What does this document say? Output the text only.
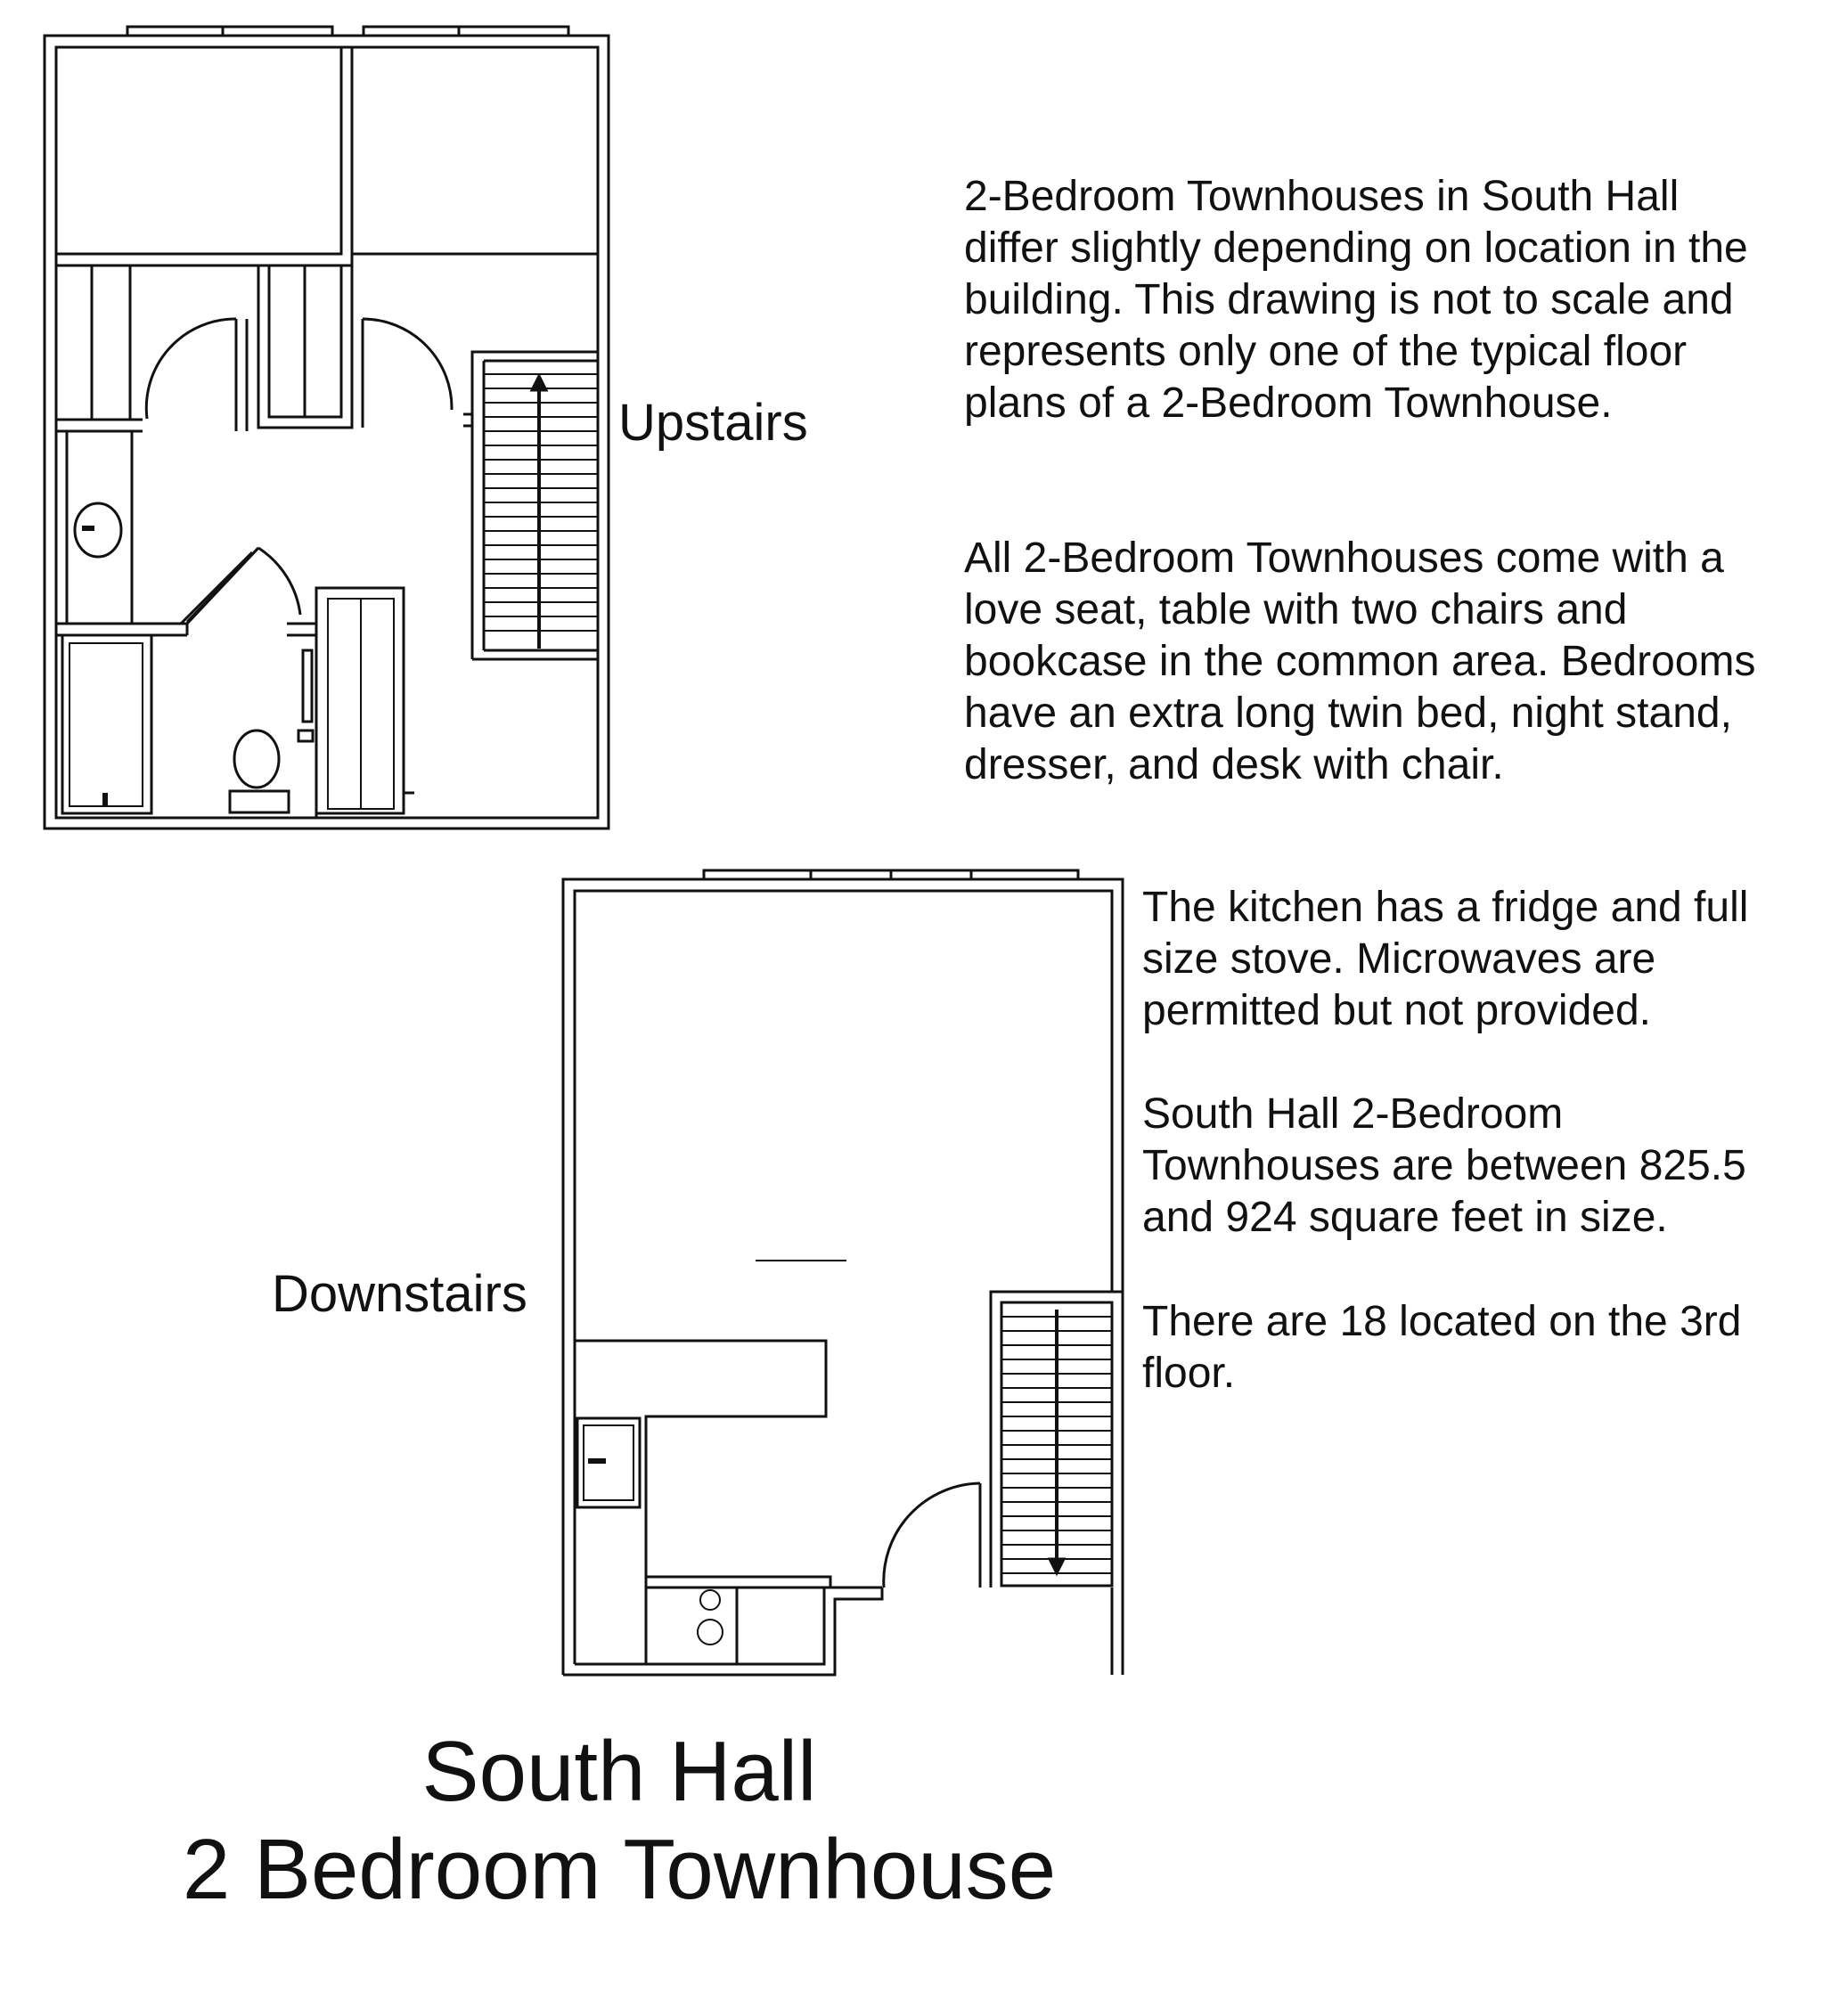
Upstairs
Downstairs

2-Bedroom Townhouses in South Hall differ slightly depending on location in the building. This drawing is not to scale and represents only one of the typical floor plans of a 2-Bedroom Townhouse.

All 2-Bedroom Townhouses come with a love seat, table with two chairs and bookcase in the common area. Bedrooms have an extra long twin bed, night stand, dresser, and desk with chair.

The kitchen has a fridge and full size stove. Microwaves are permitted but not provided.

South Hall 2-Bedroom Townhouses are between 825.5 and 924 square feet in size.

There are 18 located on the 3rd floor.

South Hall
2 Bedroom Townhouse
